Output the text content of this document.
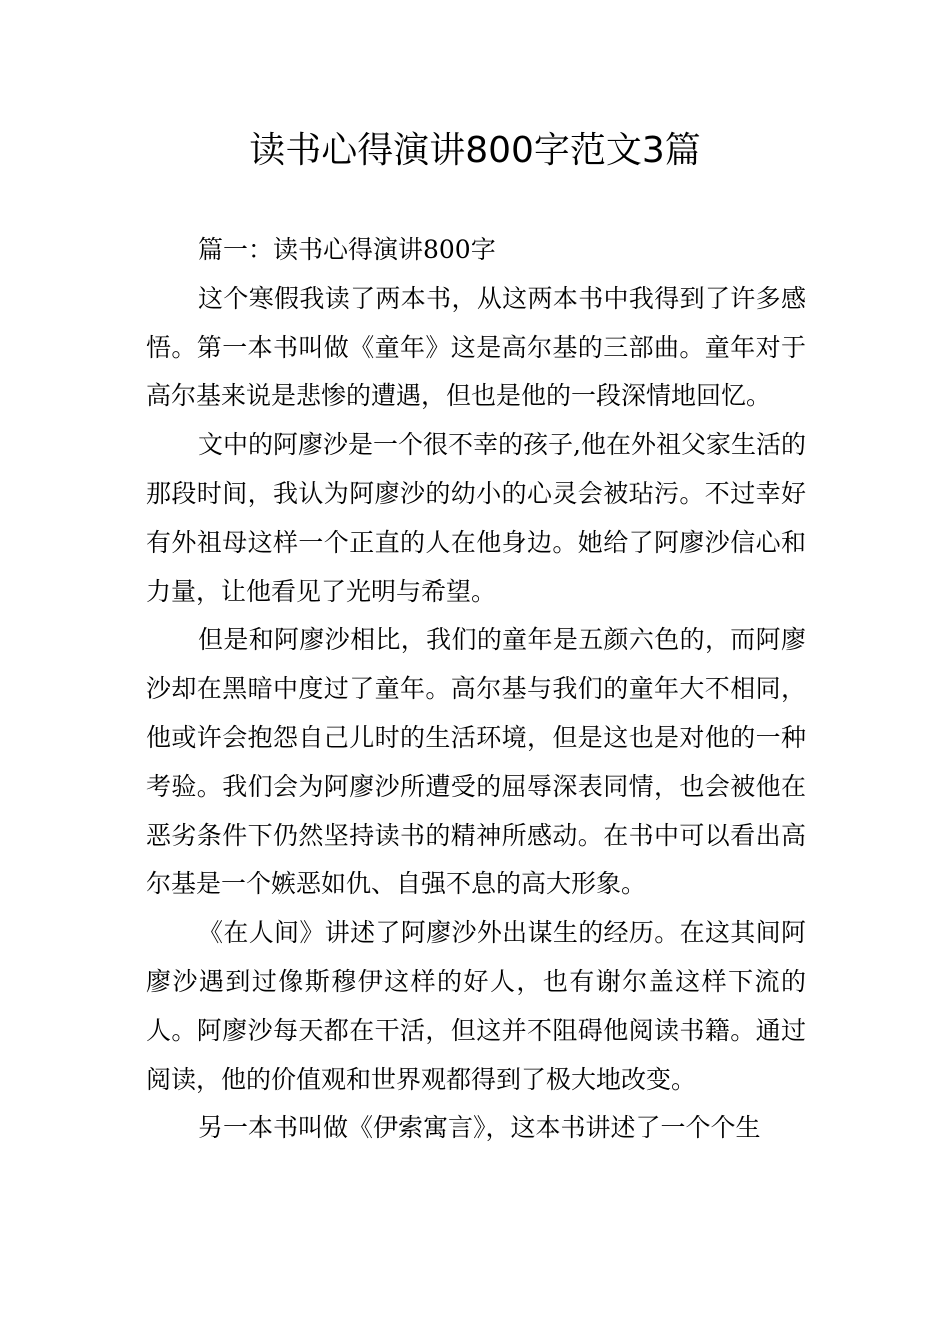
读书心得演讲800字范文3篇

篇一：读书心得演讲800字

这个寒假我读了两本书，从这两本书中我得到了许多感悟。第一本书叫做《童年》这是高尔基的三部曲。童年对于高尔基来说是悲惨的遭遇，但也是他的一段深情地回忆。

文中的阿廖沙是一个很不幸的孩子,他在外祖父家生活的那段时间，我认为阿廖沙的幼小的心灵会被玷污。不过幸好有外祖母这样一个正直的人在他身边。她给了阿廖沙信心和力量，让他看见了光明与希望。

但是和阿廖沙相比，我们的童年是五颜六色的，而阿廖沙却在黑暗中度过了童年。高尔基与我们的童年大不相同，他或许会抱怨自己儿时的生活环境，但是这也是对他的一种考验。我们会为阿廖沙所遭受的屈辱深表同情，也会被他在恶劣条件下仍然坚持读书的精神所感动。在书中可以看出高尔基是一个嫉恶如仇、自强不息的高大形象。

《在人间》讲述了阿廖沙外出谋生的经历。在这其间阿廖沙遇到过像斯穆伊这样的好人，也有谢尔盖这样下流的人。阿廖沙每天都在干活，但这并不阻碍他阅读书籍。通过阅读，他的价值观和世界观都得到了极大地改变。

另一本书叫做《伊索寓言》，这本书讲述了一个个生
